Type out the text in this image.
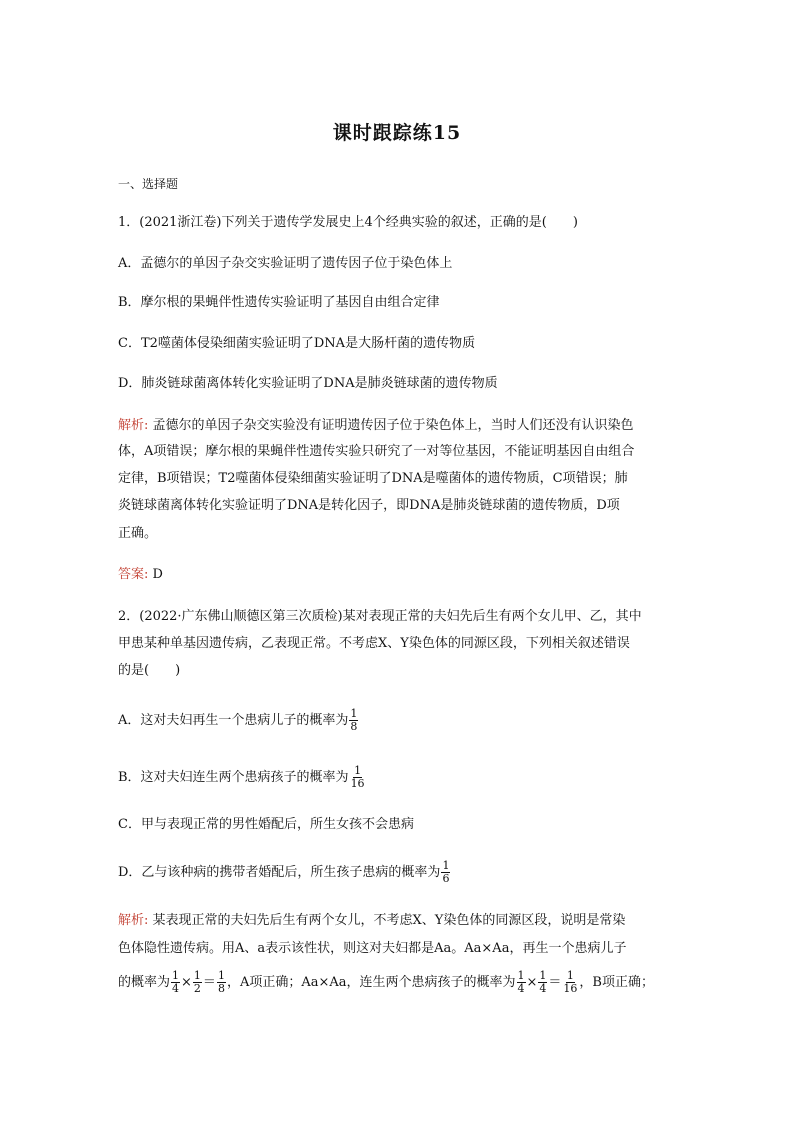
课时跟踪练15
一、选择题
1．(2021浙江卷)下列关于遗传学发展史上4个经典实验的叙述，正确的是(　　)
A．孟德尔的单因子杂交实验证明了遗传因子位于染色体上
B．摩尔根的果蝇伴性遗传实验证明了基因自由组合定律
C．T2噬菌体侵染细菌实验证明了DNA是大肠杆菌的遗传物质
D．肺炎链球菌离体转化实验证明了DNA是肺炎链球菌的遗传物质
解析: 孟德尔的单因子杂交实验没有证明遗传因子位于染色体上，当时人们还没有认识染色
体，A项错误；摩尔根的果蝇伴性遗传实验只研究了一对等位基因，不能证明基因自由组合
定律，B项错误；T2噬菌体侵染细菌实验证明了DNA是噬菌体的遗传物质，C项错误；肺
炎链球菌离体转化实验证明了DNA是转化因子，即DNA是肺炎链球菌的遗传物质，D项
正确。
答案: D
2．(2022·广东佛山顺德区第三次质检)某对表现正常的夫妇先后生有两个女儿甲、乙，其中
甲患某种单基因遗传病，乙表现正常。不考虑X、Y染色体的同源区段，下列相关叙述错误
的是(　　)
A．这对夫妇再生一个患病儿子的概率为 $\frac{1}{8}$
B．这对夫妇连生两个患病孩子的概率为 $\frac{1}{16}$
C．甲与表现正常的男性婚配后，所生女孩不会患病
D．乙与该种病的携带者婚配后，所生孩子患病的概率为 $\frac{1}{6}$
解析: 某表现正常的夫妇先后生有两个女儿，不考虑X、Y染色体的同源区段，说明是常染
色体隐性遗传病。用A、a表示该性状，则这对夫妇都是Aa。Aa×Aa，再生一个患病儿子
的概率为 $\frac{1}{4} \times \frac{1}{2} = \frac{1}{8}$ ，A项正确；Aa×Aa，连生两个患病孩子的概率为 $\frac{1}{4} \times \frac{1}{4} = \frac{1}{16}$ ，B项正确；
